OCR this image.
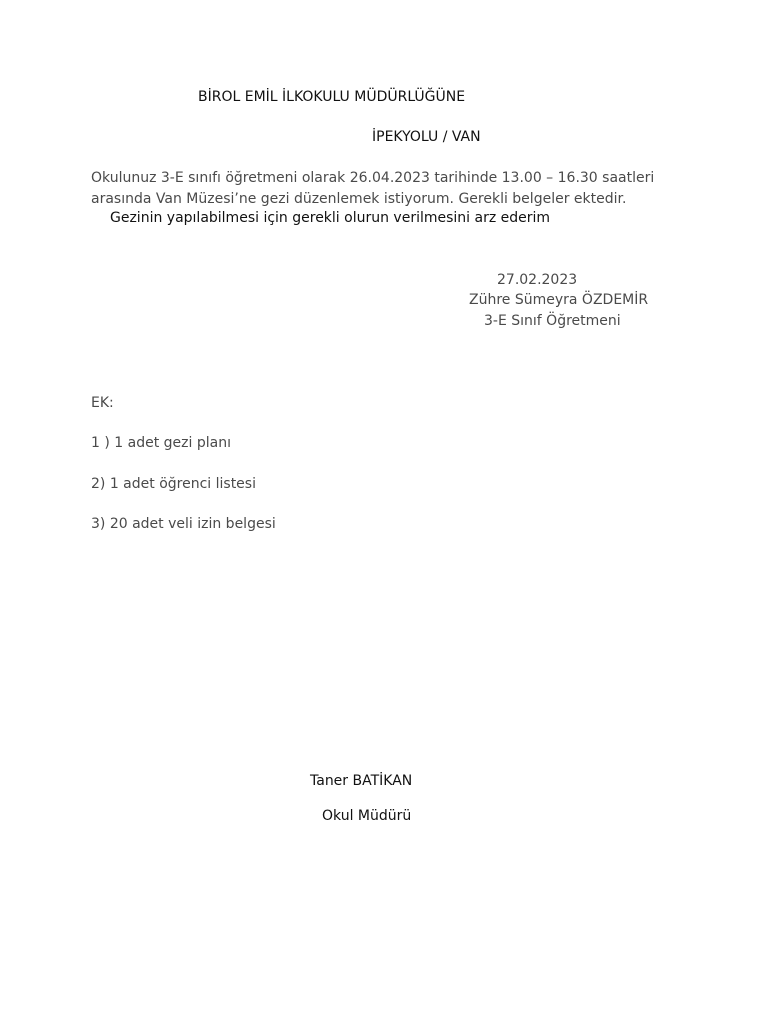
BİROL EMİL İLKOKULU MÜDÜRLÜĞÜNE
İPEKYOLU / VAN
Okulunuz 3-E sınıfı öğretmeni olarak 26.04.2023 tarihinde 13.00 – 16.30 saatleri
arasında Van Müzesi’ne gezi düzenlemek istiyorum. Gerekli belgeler ektedir.
Gezinin yapılabilmesi için gerekli olurun verilmesini arz ederim
27.02.2023
Zühre Sümeyra ÖZDEMİR
3-E Sınıf Öğretmeni
EK:
1 ) 1 adet gezi planı
2) 1 adet öğrenci listesi
3) 20 adet veli izin belgesi
Taner BATİKAN
Okul Müdürü
